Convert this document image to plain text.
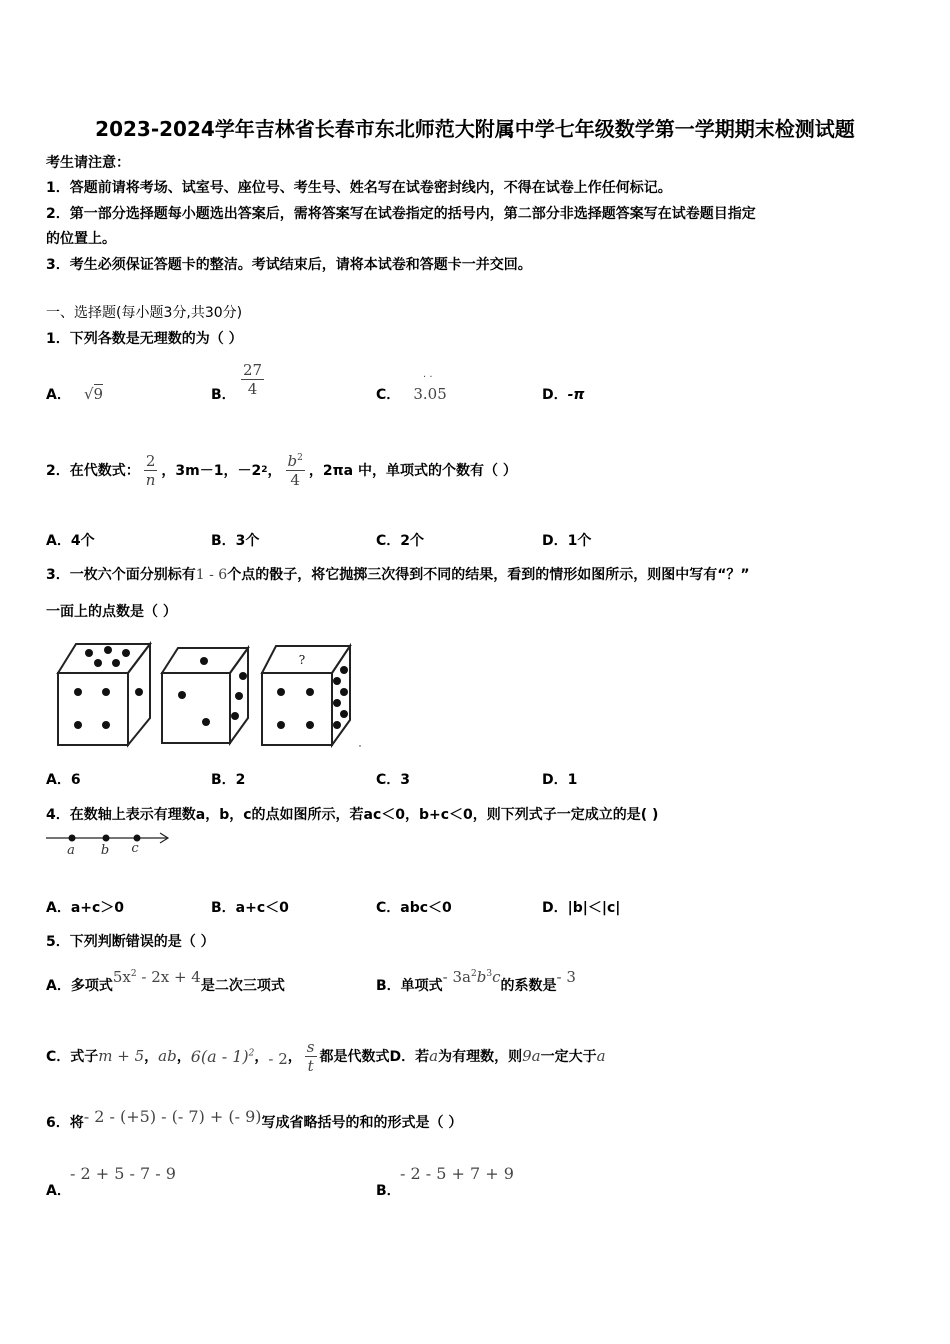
2023-2024学年吉林省长春市东北师范大附属中学七年级数学第一学期期末检测试题
考生请注意：
1．答题前请将考场、试室号、座位号、考生号、姓名写在试卷密封线内，不得在试卷上作任何标记。
2．第一部分选择题每小题选出答案后，需将答案写在试卷指定的括号内，第二部分非选择题答案写在试卷题目指定
的位置上。
3．考生必须保证答题卡的整洁。考试结束后，请将本试卷和答题卡一并交回。
一、选择题(每小题3分,共30分)
1．下列各数是无理数的为（ ）
A． √9	B． $\frac{27}{4}$	C． 3.05
· ·
D．-π
2．在代数式： $\frac{2}{n}$ ，3m－1，－2 2 ， $\frac{b^2}{4}$ ，2πa 中，单项式的个数有（ ）
A．4个	B．3个	C．2个	D．1个
3．一枚六个面分别标有1 - 6个点的骰子，将它抛掷三次得到不同的结果，看到的情形如图所示，则图中写有“？”
一面上的点数是（ ）
?
A．6	B．2	C．3	D．1
4．在数轴上表示有理数a，b，c的点如图所示，若ac＜0，b+c＜0，则下列式子一定成立的是( )
a b c
A．a+c＞0	B．a+c＜0	C．abc＜0	D．|b|＜|c|
5．下列判断错误的是（ ）
A．多项式 $5x^2 - 2x + 4$ 是二次三项式	B．单项式 - $3a^2b^3c$ 的系数是 - 3
C．式子 m + 5 ， ab ， 6(a - 1)$^2$ ， - 2 ， $\frac{s}{t}$ 都是代数式 D．若 a 为有理数，则 9a 一定大于 a
6．将 - 2 - (+5) - (- 7) + (- 9) 写成省略括号的和的形式是（ ）
A．
- 2 + 5 - 7 - 9
B．
- 2 - 5 + 7 + 9
